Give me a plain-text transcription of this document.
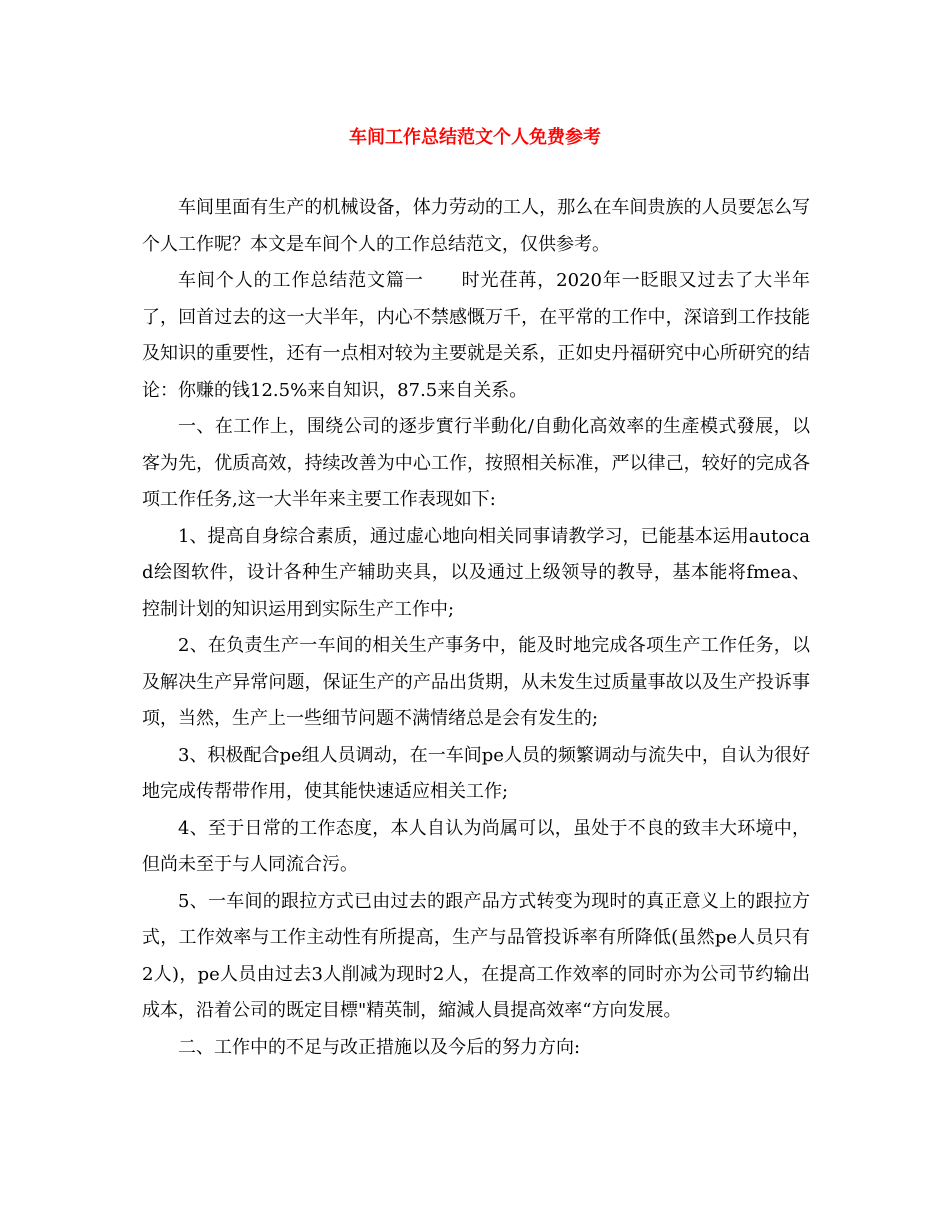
车间工作总结范文个人免费参考

车间里面有生产的机械设备，体力劳动的工人，那么在车间贵族的人员要怎么写个人工作呢？本文是车间个人的工作总结范文，仅供参考。

车间个人的工作总结范文篇一　　时光荏苒，2020年一眨眼又过去了大半年了，回首过去的这一大半年，内心不禁感慨万千，在平常的工作中，深谙到工作技能及知识的重要性，还有一点相对较为主要就是关系，正如史丹福研究中心所研究的结论：你赚的钱12.5%来自知识，87.5来自关系。

一、在工作上，围绕公司的逐步實行半動化/自動化高效率的生產模式發展，以客为先，优质高效，持续改善为中心工作，按照相关标准，严以律己，较好的完成各项工作任务,这一大半年来主要工作表现如下:

1、提高自身综合素质，通过虚心地向相关同事请教学习，已能基本运用autocad绘图软件，设计各种生产辅助夹具，以及通过上级领导的教导，基本能将fmea、控制计划的知识运用到实际生产工作中;

2、在负责生产一车间的相关生产事务中，能及时地完成各项生产工作任务，以及解决生产异常问题，保证生产的产品出货期，从未发生过质量事故以及生产投诉事项，当然，生产上一些细节问题不满情绪总是会有发生的;

3、积极配合pe组人员调动，在一车间pe人员的频繁调动与流失中，自认为很好地完成传帮带作用，使其能快速适应相关工作;

4、至于日常的工作态度，本人自认为尚属可以，虽处于不良的致丰大环境中，但尚未至于与人同流合污。

5、一车间的跟拉方式已由过去的跟产品方式转变为现时的真正意义上的跟拉方式，工作效率与工作主动性有所提高，生产与品管投诉率有所降低(虽然pe人员只有2人)，pe人员由过去3人削减为现时2人，在提高工作效率的同时亦为公司节约输出成本，沿着公司的既定目標"精英制，縮減人員提高效率“方向发展。

二、工作中的不足与改正措施以及今后的努力方向:
